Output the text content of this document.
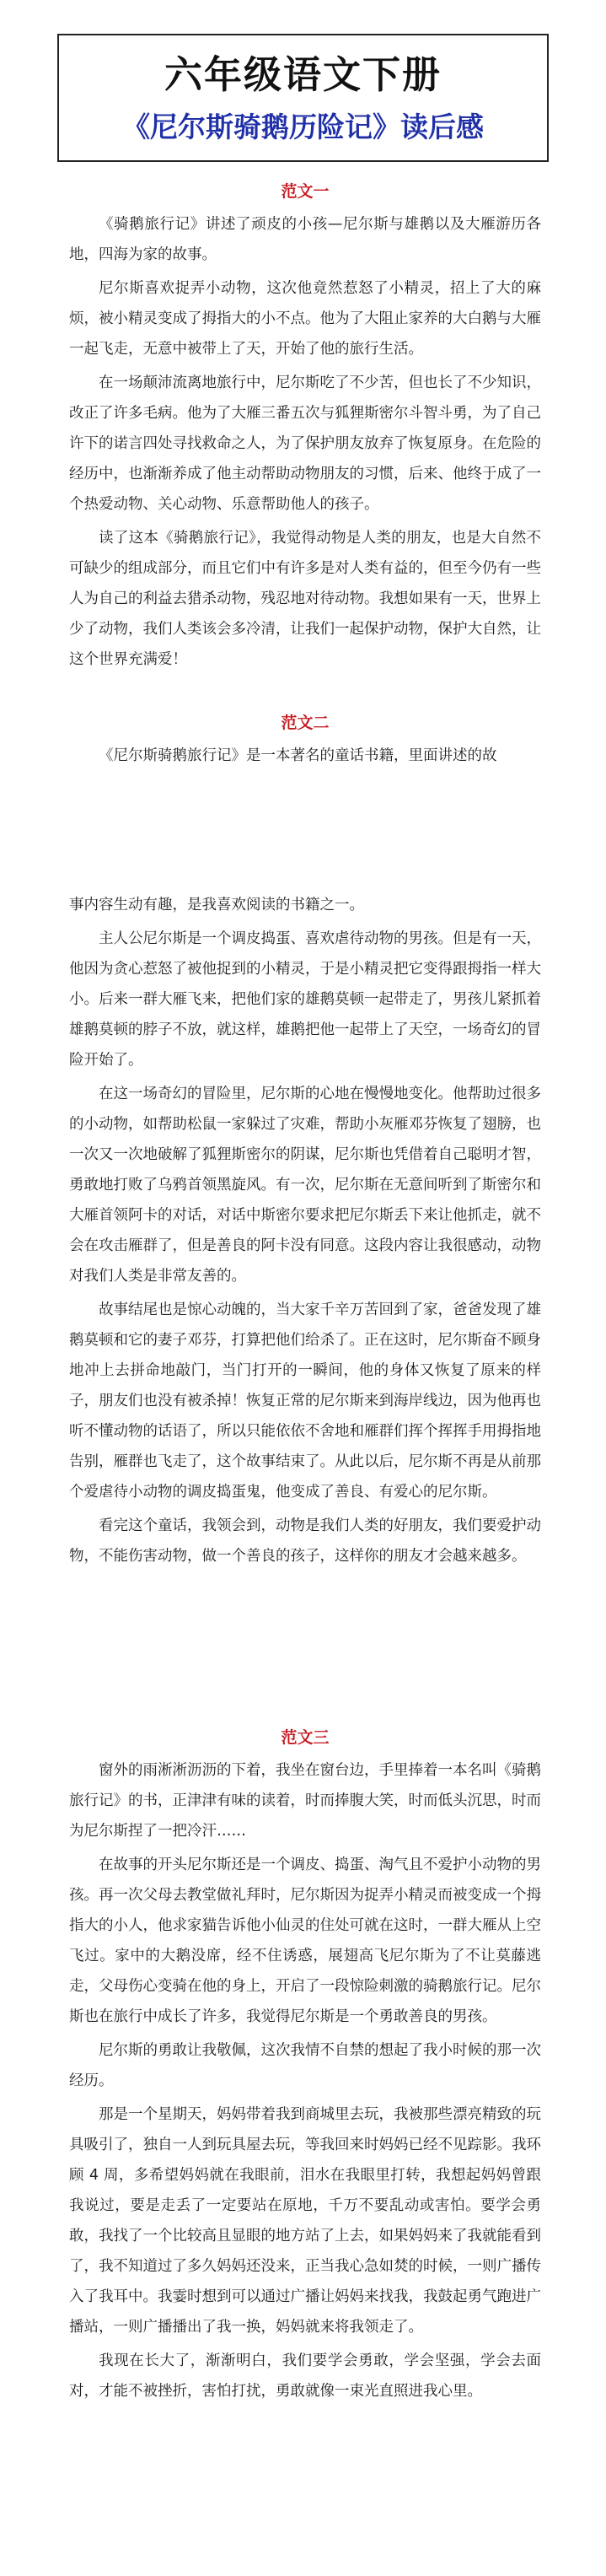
六年级语文下册
《尼尔斯骑鹅历险记》读后感
范文一

《骑鹅旅行记》讲述了顽皮的小孩—尼尔斯与雄鹅以及大雁游历各地，四海为家的故事。

尼尔斯喜欢捉弄小动物，这次他竟然惹怒了小精灵，招上了大的麻烦，被小精灵变成了拇指大的小不点。他为了大阻止家养的大白鹅与大雁一起飞走，无意中被带上了天，开始了他的旅行生活。

在一场颠沛流离地旅行中，尼尔斯吃了不少苦，但也长了不少知识，改正了许多毛病。他为了大雁三番五次与狐狸斯密尔斗智斗勇，为了自己许下的诺言四处寻找救命之人，为了保护朋友放弃了恢复原身。在危险的经历中，也渐渐养成了他主动帮助动物朋友的习惯，后来、他终于成了一个热爱动物、关心动物、乐意帮助他人的孩子。

读了这本《骑鹅旅行记》，我觉得动物是人类的朋友，也是大自然不可缺少的组成部分，而且它们中有许多是对人类有益的，但至今仍有一些人为自己的利益去猎杀动物，残忍地对待动物。我想如果有一天，世界上少了动物，我们人类该会多冷清，让我们一起保护动物，保护大自然，让这个世界充满爱！

范文二

《尼尔斯骑鹅旅行记》是一本著名的童话书籍，里面讲述的故

事内容生动有趣，是我喜欢阅读的书籍之一。

主人公尼尔斯是一个调皮捣蛋、喜欢虐待动物的男孩。但是有一天，他因为贪心惹怒了被他捉到的小精灵，于是小精灵把它变得跟拇指一样大小。后来一群大雁飞来，把他们家的雄鹅莫顿一起带走了，男孩儿紧抓着雄鹅莫顿的脖子不放，就这样，雄鹅把他一起带上了天空，一场奇幻的冒险开始了。

在这一场奇幻的冒险里，尼尔斯的心地在慢慢地变化。他帮助过很多的小动物，如帮助松鼠一家躲过了灾难，帮助小灰雁邓芬恢复了翅膀，也一次又一次地破解了狐狸斯密尔的阴谋，尼尔斯也凭借着自己聪明才智，勇敢地打败了乌鸦首领黑旋风。有一次，尼尔斯在无意间听到了斯密尔和大雁首领阿卡的对话，对话中斯密尔要求把尼尔斯丢下来让他抓走，就不会在攻击雁群了，但是善良的阿卡没有同意。这段内容让我很感动，动物对我们人类是非常友善的。

故事结尾也是惊心动魄的，当大家千辛万苦回到了家，爸爸发现了雄鹅莫顿和它的妻子邓芬，打算把他们给杀了。正在这时，尼尔斯奋不顾身地冲上去拼命地敲门，当门打开的一瞬间，他的身体又恢复了原来的样子，朋友们也没有被杀掉！恢复正常的尼尔斯来到海岸线边，因为他再也听不懂动物的话语了，所以只能依依不舍地和雁群们挥个挥挥手用拇指地告别，雁群也飞走了，这个故事结束了。从此以后，尼尔斯不再是从前那个爱虐待小动物的调皮捣蛋鬼，他变成了善良、有爱心的尼尔斯。

看完这个童话，我领会到，动物是我们人类的好朋友，我们要爱护动物，不能伤害动物，做一个善良的孩子，这样你的朋友才会越来越多。

范文三

窗外的雨淅淅沥沥的下着，我坐在窗台边，手里捧着一本名叫《骑鹅旅行记》的书，正津津有味的读着，时而捧腹大笑，时而低头沉思，时而为尼尔斯捏了一把冷汗……

在故事的开头尼尔斯还是一个调皮、捣蛋、淘气且不爱护小动物的男孩。再一次父母去教堂做礼拜时，尼尔斯因为捉弄小精灵而被变成一个拇指大的小人，他求家猫告诉他小仙灵的住处可就在这时，一群大雁从上空飞过。家中的大鹅没席，经不住诱惑，展翅高飞尼尔斯为了不让莫藤逃走，父母伤心变骑在他的身上，开启了一段惊险刺激的骑鹅旅行记。尼尔斯也在旅行中成长了许多，我觉得尼尔斯是一个勇敢善良的男孩。

尼尔斯的勇敢让我敬佩，这次我情不自禁的想起了我小时候的那一次经历。

那是一个星期天，妈妈带着我到商城里去玩，我被那些漂亮精致的玩具吸引了，独自一人到玩具屋去玩，等我回来时妈妈已经不见踪影。我环顾 4 周，多希望妈妈就在我眼前，泪水在我眼里打转，我想起妈妈曾跟我说过，要是走丢了一定要站在原地，千万不要乱动或害怕。要学会勇敢，我找了一个比较高且显眼的地方站了上去，如果妈妈来了我就能看到了，我不知道过了多久妈妈还没来，正当我心急如焚的时候，一则广播传入了我耳中。我霎时想到可以通过广播让妈妈来找我，我鼓起勇气跑进广播站，一则广播播出了我一换，妈妈就来将我领走了。

我现在长大了，渐渐明白，我们要学会勇敢，学会坚强，学会去面对，才能不被挫折，害怕打扰，勇敢就像一束光直照进我心里。
